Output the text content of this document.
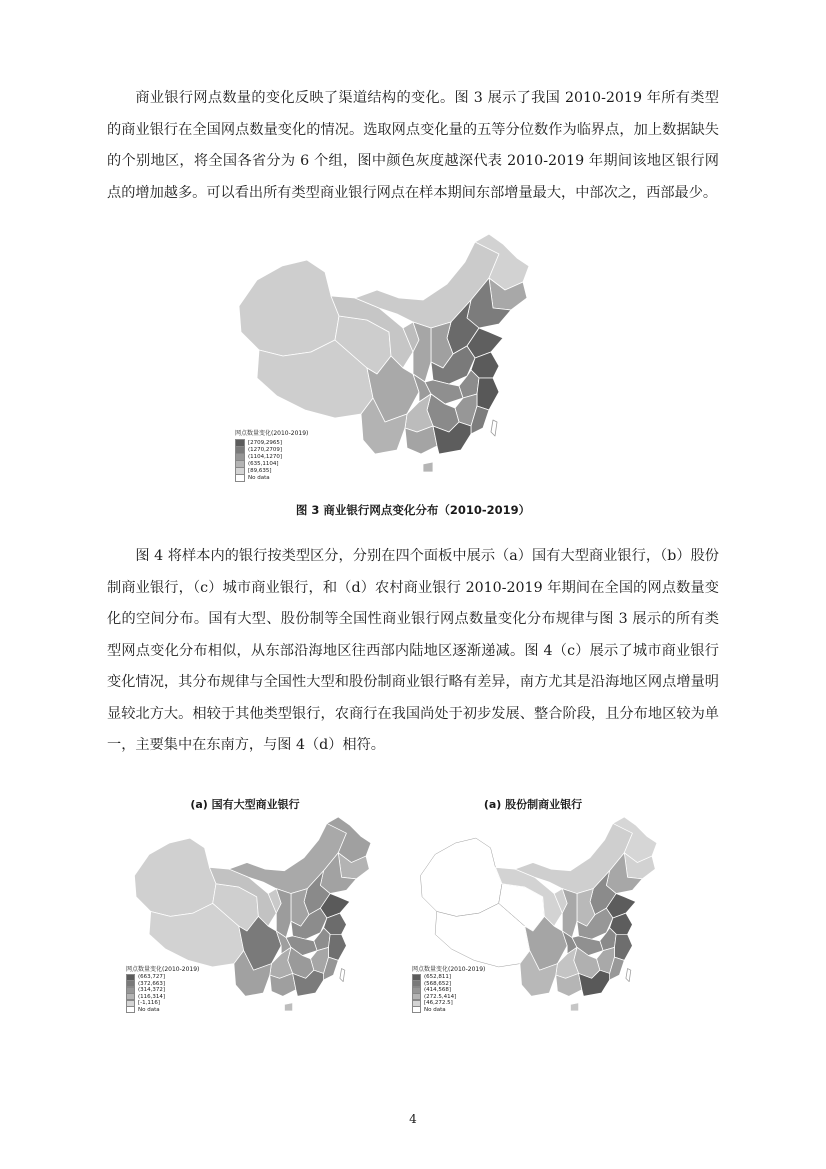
商业银行网点数量的变化反映了渠道结构的变化。图 3 展示了我国 2010-2019 年所有类型的商业银行在全国网点数量变化的情况。选取网点变化量的五等分位数作为临界点，加上数据缺失的个别地区，将全国各省分为 6 个组，图中颜色灰度越深代表 2010-2019 年期间该地区银行网点的增加越多。可以看出所有类型商业银行网点在样本期间东部增量最大，中部次之，西部最少。

网点数量变化(2010-2019)
[2709,2965]
(1270,2709]
(1104,1270]
(635,1104]
[89,635]
No data
图 3 商业银行网点变化分布（2010-2019）

图 4 将样本内的银行按类型区分，分别在四个面板中展示（a）国有大型商业银行，（b）股份制商业银行，（c）城市商业银行，和（d）农村商业银行 2010-2019 年期间在全国的网点数量变化的空间分布。国有大型、股份制等全国性商业银行网点数量变化分布规律与图 3 展示的所有类型网点变化分布相似，从东部沿海地区往西部内陆地区逐渐递减。图 4（c）展示了城市商业银行变化情况，其分布规律与全国性大型和股份制商业银行略有差异，南方尤其是沿海地区网点增量明显较北方大。相较于其他类型银行，农商行在我国尚处于初步发展、整合阶段，且分布地区较为单一，主要集中在东南方，与图 4（d）相符。

(a) 国有大型商业银行
网点数量变化(2010-2019)
(663,727]
(372,663]
(314,372]
(116,314]
[-1,116]
No data
(a) 股份制商业银行
网点数量变化(2010-2019)
(652,811]
(568,652]
(414,568]
(272.5,414]
[46,272.5]
No data
4
